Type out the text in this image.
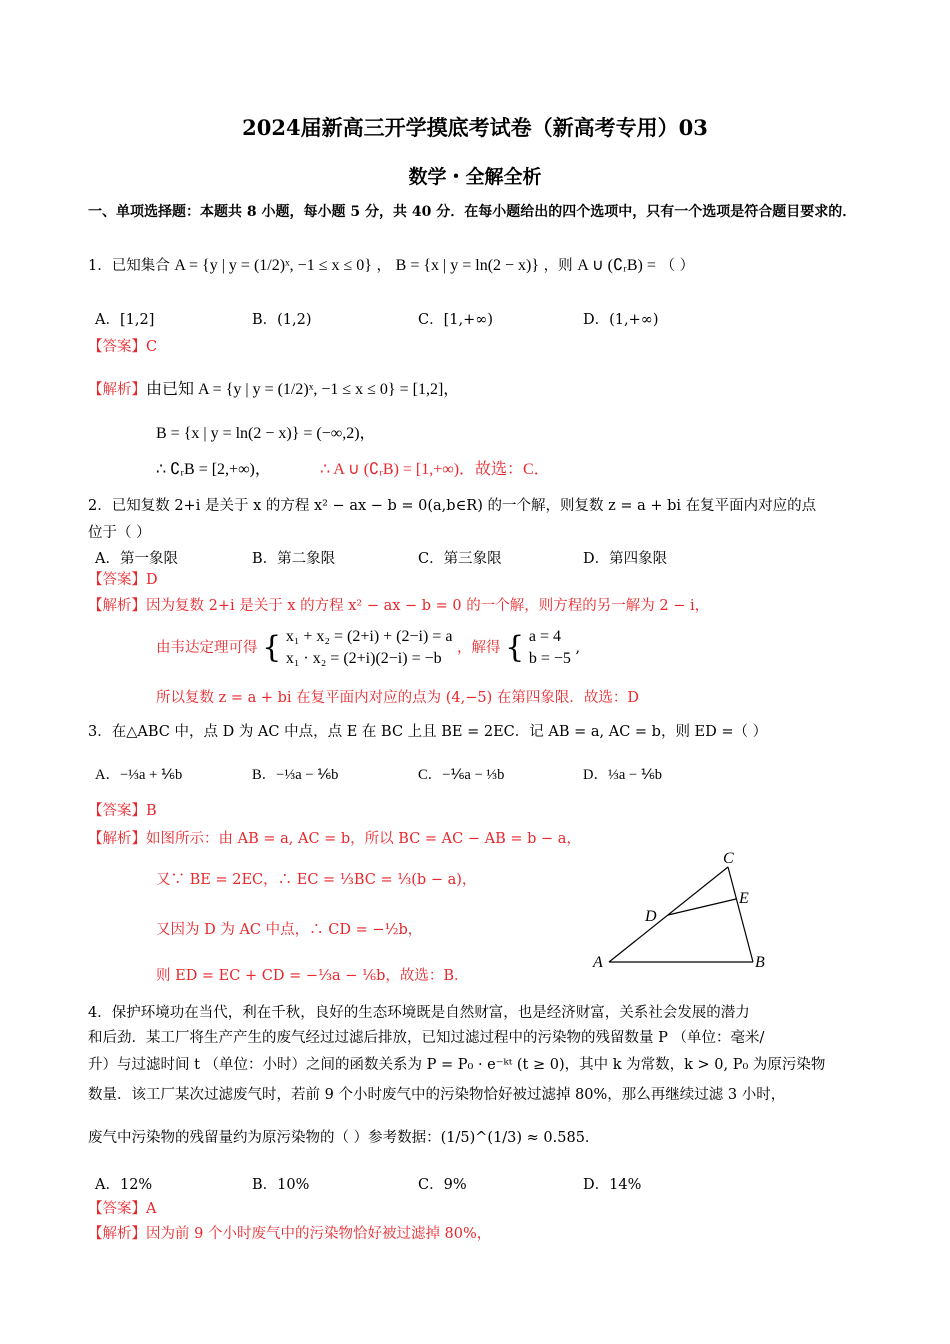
2024届新高三开学摸底考试卷（新高考专用）03
数学・全解全析
一、单项选择题：本题共 8 小题，每小题 5 分，共 40 分．在每小题给出的四个选项中，只有一个选项是符合题目要求的．
1．已知集合 A = {y | y = (1/2)ˣ, −1 ≤ x ≤ 0} ， B = {x | y = ln(2 − x)} ，则 A ∪ (∁ᵣB) = （ ）
A．[1,2]	B．(1,2)	C．[1,+∞)	D．(1,+∞)
【答案】C
【解析】由已知 A = {y | y = (1/2)ˣ, −1 ≤ x ≤ 0} = [1,2]，
B = {x | y = ln(2 − x)} = (−∞,2)，
∴ ∁ᵣB = [2,+∞)，	∴ A ∪ (∁ᵣB) = [1,+∞)．故选：C．
2．已知复数 2+i 是关于 x 的方程 x² − ax − b = 0(a,b∈R) 的一个解，则复数 z = a + bi 在复平面内对应的点
位于（ ）
A．第一象限	B．第二象限	C．第三象限	D．第四象限
【答案】D
【解析】因为复数 2+i 是关于 x 的方程 x² − ax − b = 0 的一个解，则方程的另一解为 2 − i，
由韦达定理可得 { x₁ + x₂ = (2+i) + (2−i) = a
x₁ · x₂ = (2+i)(2−i) = −b
，解得 { a = 4
b = −5
,
所以复数 z = a + bi 在复平面内对应的点为 (4,−5) 在第四象限．故选：D
3．在△ABC 中，点 D 为 AC 中点，点 E 在 BC 上且 BE = 2EC．记 AB = a, AC = b，则 ED =（ ）
A．−⅓a + ⅙b	B．−⅓a − ⅙b	C．−⅙a − ⅓b	D．⅓a − ⅙b
【答案】B
【解析】如图所示：由 AB = a, AC = b，所以 BC = AC − AB = b − a，
又∵ BE = 2EC，∴ EC = ⅓BC = ⅓(b − a)，
又因为 D 为 AC 中点，∴ CD = −½b，
则 ED = EC + CD = −⅓a − ⅙b，故选：B．
C
E
D
A	B
4．保护环境功在当代，利在千秋，良好的生态环境既是自然财富，也是经济财富，关系社会发展的潜力
和后劲．某工厂将生产产生的废气经过过滤后排放，已知过滤过程中的污染物的残留数量 P （单位：毫米/
升）与过滤时间 t （单位：小时）之间的函数关系为 P = P₀ · e⁻ᵏᵗ (t ≥ 0)，其中 k 为常数，k > 0, P₀ 为原污染物
数量．该工厂某次过滤废气时，若前 9 个小时废气中的污染物恰好被过滤掉 80%，那么再继续过滤 3 小时，
废气中污染物的残留量约为原污染物的（ ）参考数据：(1/5)^(1/3) ≈ 0.585．
A．12%	B．10%	C．9%	D．14%
【答案】A
【解析】因为前 9 个小时废气中的污染物恰好被过滤掉 80%，
